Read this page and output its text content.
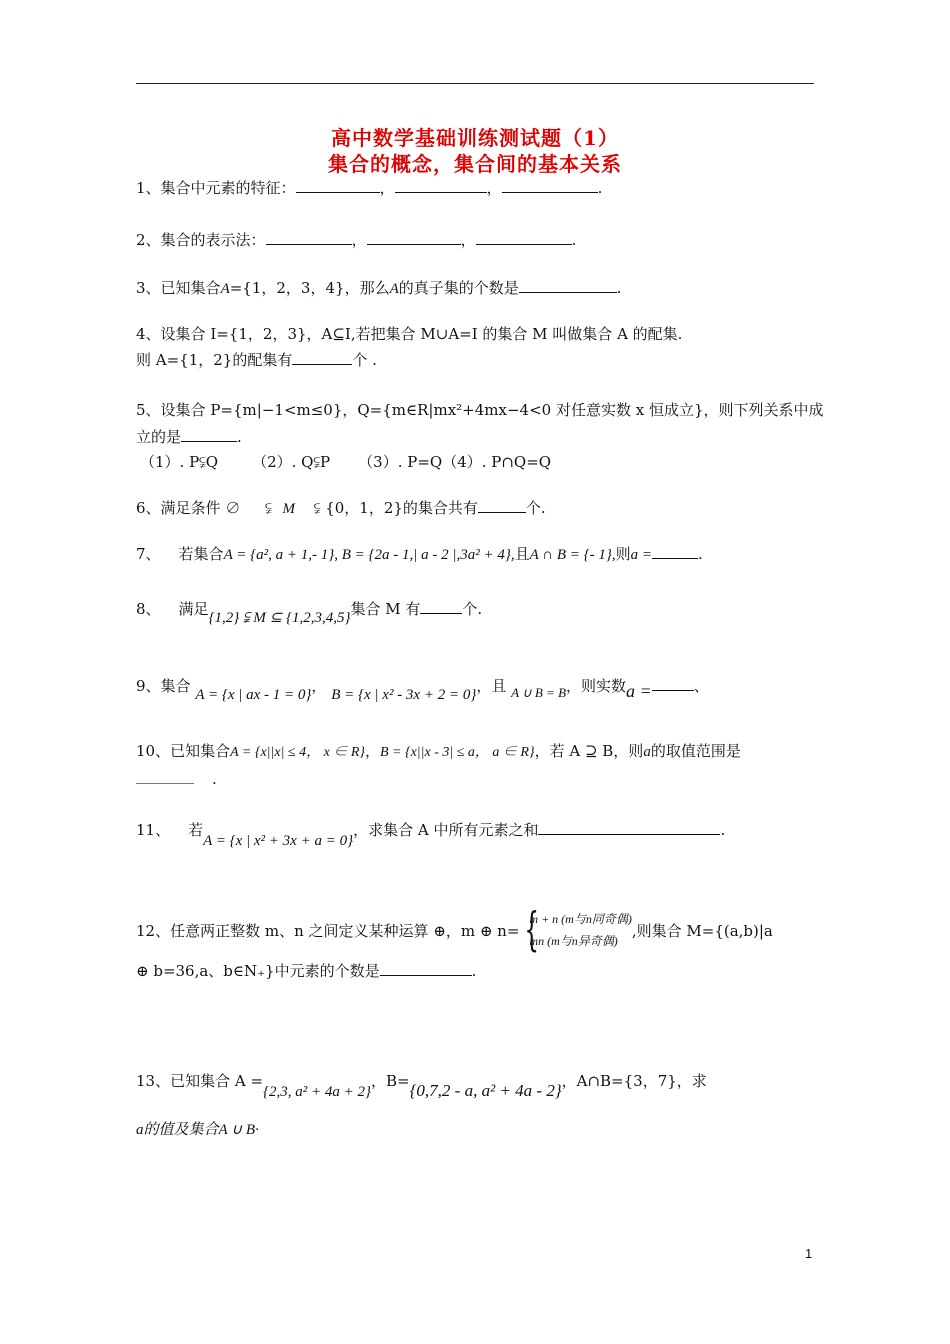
高中数学基础训练测试题（1）
集合的概念，集合间的基本关系
1、集合中元素的特征：	，	，	.
2、集合的表示法：	，	，	.
3、已知集合A={1，2，3，4}，那么A的真子集的个数是	.
4、设集合 I={1，2，3}，A⊆I,若把集合 M∪A=I 的集合 M 叫做集合 A 的配集.
则 A={1，2}的配集有	个 .
5、设集合 P={m|−1<m≤0}，Q={m∈R|mx²+4mx−4<0 对任意实数 x 恒成立}，则下列关系中成
立的是	.
（1）. P⫋Q （2）. Q⫋P （3）. P=Q（4）. P∩Q=Q
6、满足条件 ∅ ⫋ M ⫋ {0，1，2}的集合共有	个.
7、 若集合A = {a², a + 1,- 1}, B = {2a - 1,| a - 2 |,3a² + 4},且A ∩ B = {- 1},则a =	.
8、 满足{1,2} ⫋ M ⊆ {1,2,3,4,5}集合 M 有	个.
9、集合 A = {x | ax - 1 = 0}， B = {x | x² - 3x + 2 = 0}，且 A ∪ B = B，则实数a =	、
10、已知集合A = {x||x| ≤ 4， x ∈ R}，B = {x||x - 3| ≤ a， a ∈ R}，若 A ⊇ B，则a的取值范围是
.
11、 若A = {x | x² + 3x + a = 0}，求集合 A 中所有元素之和	.
12、任意两正整数 m、n 之间定义某种运算 ⊕，m ⊕ n=
{ m + n (m与n同奇偶)
mn (m与n异奇偶)
,则集合 M={(a,b)|a
⊕ b=36,a、b∈N₊}中元素的个数是	.
13、已知集合 A ={2,3, a² + 4a + 2}，B={0,7,2 - a, a² + 4a - 2}，A∩B={3，7}，求
a的值及集合A ∪ B·
1
